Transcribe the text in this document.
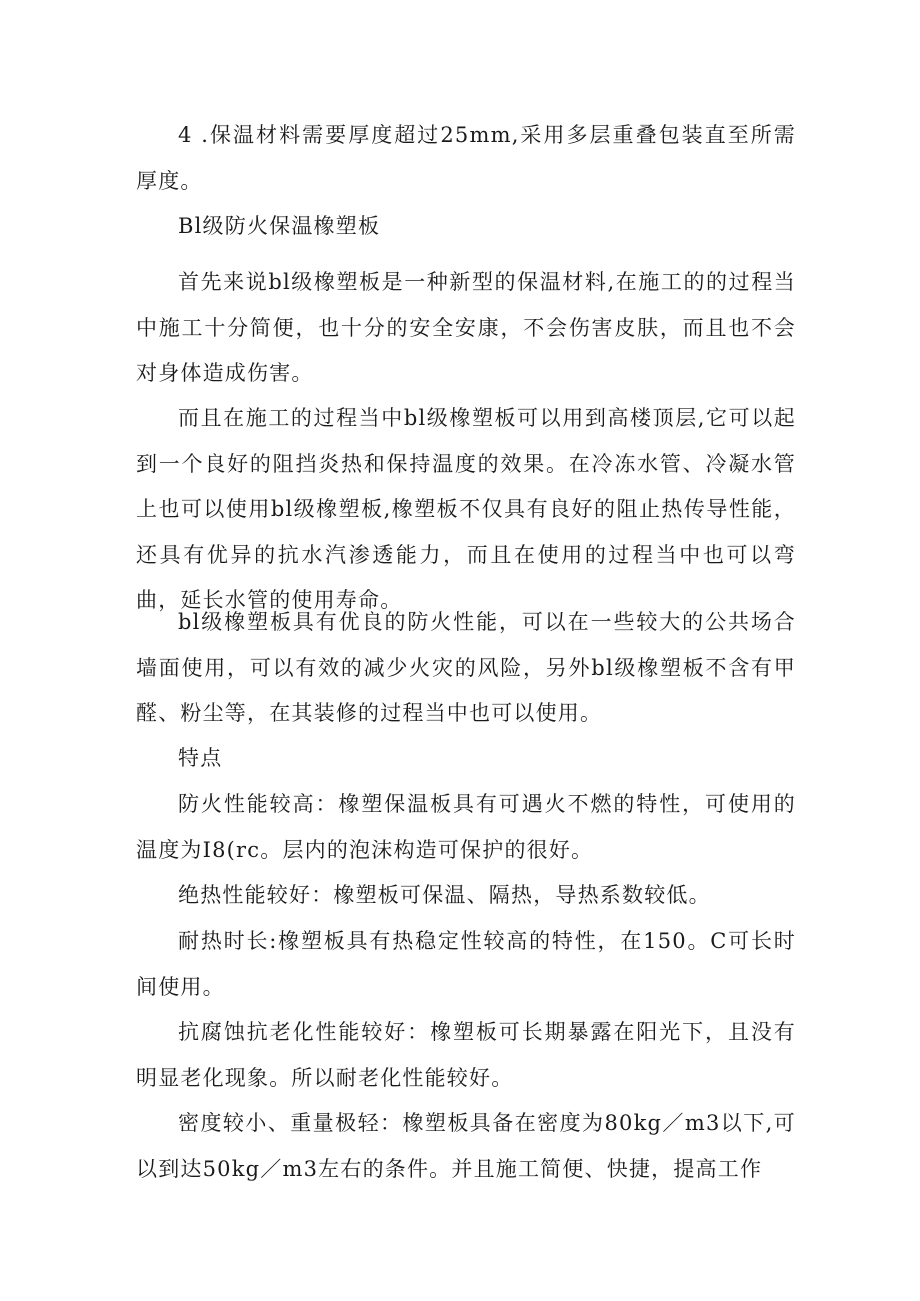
4 .保温材料需要厚度超过25mm,采用多层重叠包装直至所需厚度。

Bl级防火保温橡塑板

首先来说bl级橡塑板是一种新型的保温材料,在施工的的过程当中施工十分简便，也十分的安全安康，不会伤害皮肤，而且也不会对身体造成伤害。

而且在施工的过程当中bl级橡塑板可以用到高楼顶层,它可以起到一个良好的阻挡炎热和保持温度的效果。在冷冻水管、冷凝水管上也可以使用bl级橡塑板,橡塑板不仅具有良好的阻止热传导性能，还具有优异的抗水汽渗透能力，而且在使用的过程当中也可以弯曲，延长水管的使用寿命。

bl级橡塑板具有优良的防火性能，可以在一些较大的公共场合墙面使用，可以有效的减少火灾的风险，另外bl级橡塑板不含有甲醛、粉尘等，在其装修的过程当中也可以使用。

特点

防火性能较高：橡塑保温板具有可遇火不燃的特性，可使用的温度为I8(rc。层内的泡沫构造可保护的很好。

绝热性能较好：橡塑板可保温、隔热，导热系数较低。

耐热时长:橡塑板具有热稳定性较高的特性，在150。C可长时间使用。

抗腐蚀抗老化性能较好：橡塑板可长期暴露在阳光下，且没有明显老化现象。所以耐老化性能较好。

密度较小、重量极轻：橡塑板具备在密度为80kg／m3以下,可以到达50kg／m3左右的条件。并且施工简便、快捷，提高工作
